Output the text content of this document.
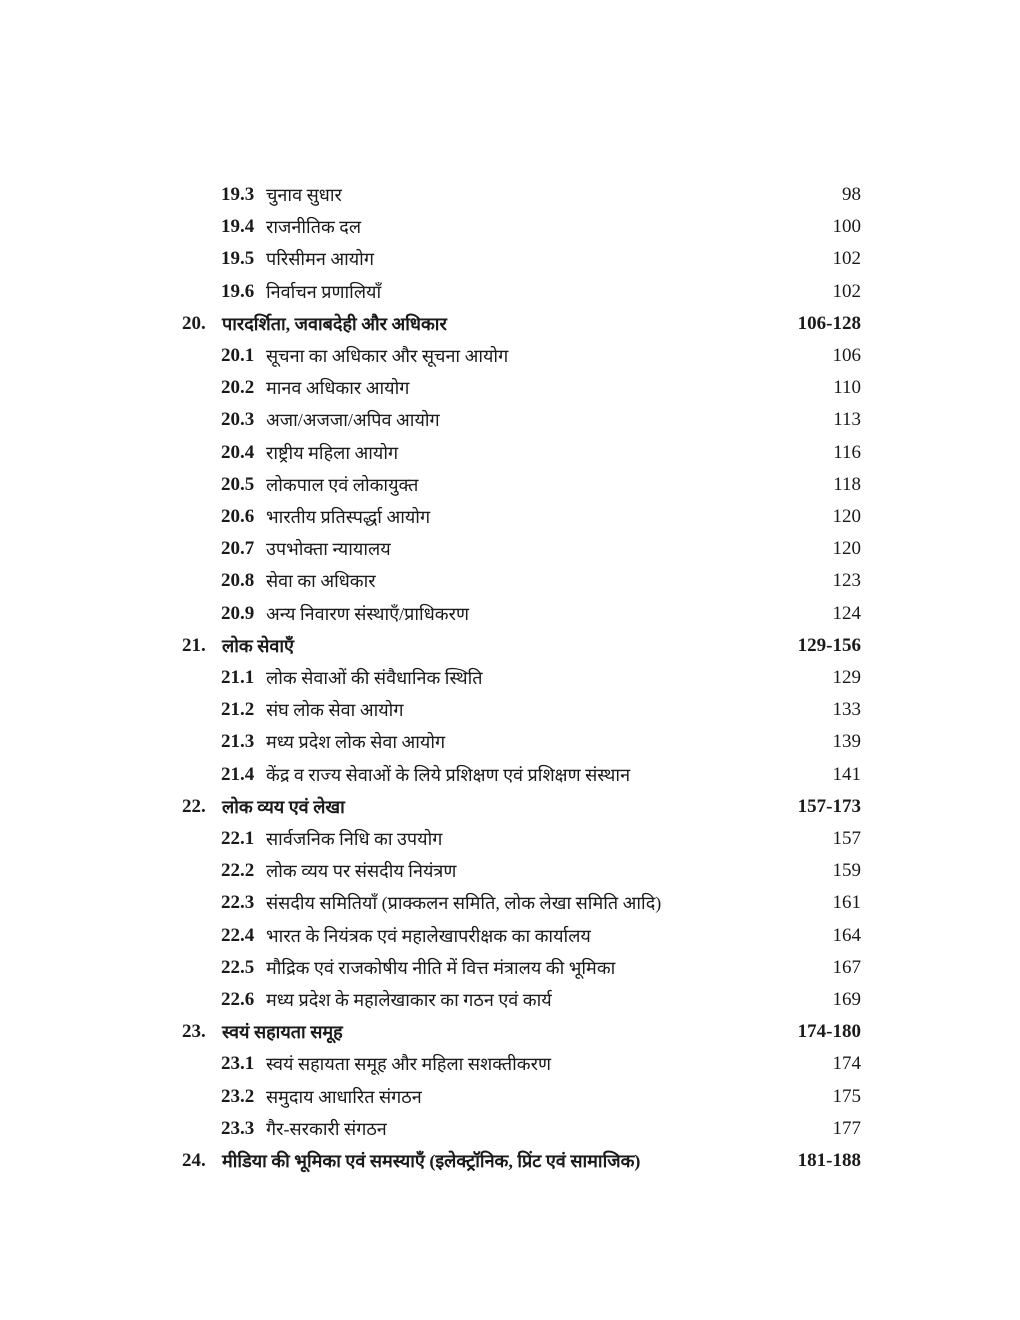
19.3 चुनाव सुधार	98
19.4 राजनीतिक दल	100
19.5 परिसीमन आयोग	102
19.6 निर्वाचन प्रणालियाँ	102
20. पारदर्शिता, जवाबदेही और अधिकार	106-128
20.1 सूचना का अधिकार और सूचना आयोग	106
20.2 मानव अधिकार आयोग	110
20.3 अजा/अजजा/अपिव आयोग	113
20.4 राष्ट्रीय महिला आयोग	116
20.5 लोकपाल एवं लोकायुक्त	118
20.6 भारतीय प्रतिस्पर्द्धा आयोग	120
20.7 उपभोक्ता न्यायालय	120
20.8 सेवा का अधिकार	123
20.9 अन्य निवारण संस्थाएँ/प्राधिकरण	124
21. लोक सेवाएँ	129-156
21.1 लोक सेवाओं की संवैधानिक स्थिति	129
21.2 संघ लोक सेवा आयोग	133
21.3 मध्य प्रदेश लोक सेवा आयोग	139
21.4 केंद्र व राज्य सेवाओं के लिये प्रशिक्षण एवं प्रशिक्षण संस्थान	141
22. लोक व्यय एवं लेखा	157-173
22.1 सार्वजनिक निधि का उपयोग	157
22.2 लोक व्यय पर संसदीय नियंत्रण	159
22.3 संसदीय समितियाँ (प्राक्कलन समिति, लोक लेखा समिति आदि)	161
22.4 भारत के नियंत्रक एवं महालेखापरीक्षक का कार्यालय	164
22.5 मौद्रिक एवं राजकोषीय नीति में वित्त मंत्रालय की भूमिका	167
22.6 मध्य प्रदेश के महालेखाकार का गठन एवं कार्य	169
23. स्वयं सहायता समूह	174-180
23.1 स्वयं सहायता समूह और महिला सशक्तीकरण	174
23.2 समुदाय आधारित संगठन	175
23.3 गैर-सरकारी संगठन	177
24. मीडिया की भूमिका एवं समस्याएँ (इलेक्ट्रॉनिक, प्रिंट एवं सामाजिक)	181-188
